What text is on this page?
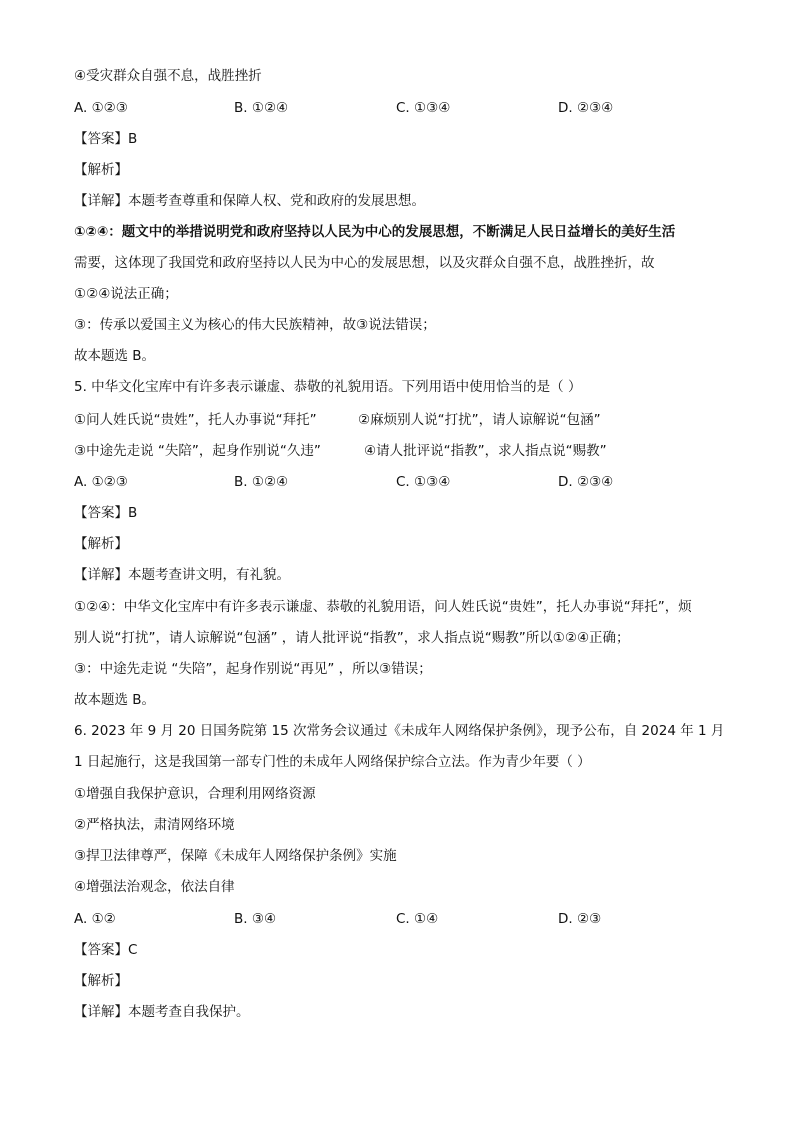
④受灾群众自强不息，战胜挫折
A. ①②③	B. ①②④	C. ①③④	D. ②③④
【答案】B
【解析】
【详解】本题考查尊重和保障人权、党和政府的发展思想。
①②④：题文中的举措说明党和政府坚持以人民为中心的发展思想，不断满足人民日益增长的美好生活
需要，这体现了我国党和政府坚持以人民为中心的发展思想，以及灾群众自强不息，战胜挫折，故
①②④说法正确；
③：传承以爱国主义为核心的伟大民族精神，故③说法错误；
故本题选 B。
5. 中华文化宝库中有许多表示谦虚、恭敬的礼貌用语。下列用语中使用恰当的是（ ）
①问人姓氏说“贵姓”，托人办事说“拜托”	②麻烦别人说“打扰”，请人谅解说“包涵”
③中途先走说 “失陪”，起身作别说“久违”	④请人批评说“指教”，求人指点说“赐教”
A. ①②③	B. ①②④	C. ①③④	D. ②③④
【答案】B
【解析】
【详解】本题考查讲文明，有礼貌。
①②④：中华文化宝库中有许多表示谦虚、恭敬的礼貌用语，问人姓氏说“贵姓”，托人办事说“拜托”，烦
别人说“打扰”，请人谅解说“包涵” ，请人批评说“指教”，求人指点说“赐教”所以①②④正确；
③：中途先走说 “失陪”，起身作别说“再见” ，所以③错误；
故本题选 B。
6. 2023 年 9 月 20 日国务院第 15 次常务会议通过《未成年人网络保护条例》，现予公布，自 2024 年 1 月
1 日起施行，这是我国第一部专门性的未成年人网络保护综合立法。作为青少年要（ ）
①增强自我保护意识，合理利用网络资源
②严格执法，肃清网络环境
③捍卫法律尊严，保障《未成年人网络保护条例》实施
④增强法治观念，依法自律
A. ①②	B. ③④	C. ①④	D. ②③
【答案】C
【解析】
【详解】本题考查自我保护。
